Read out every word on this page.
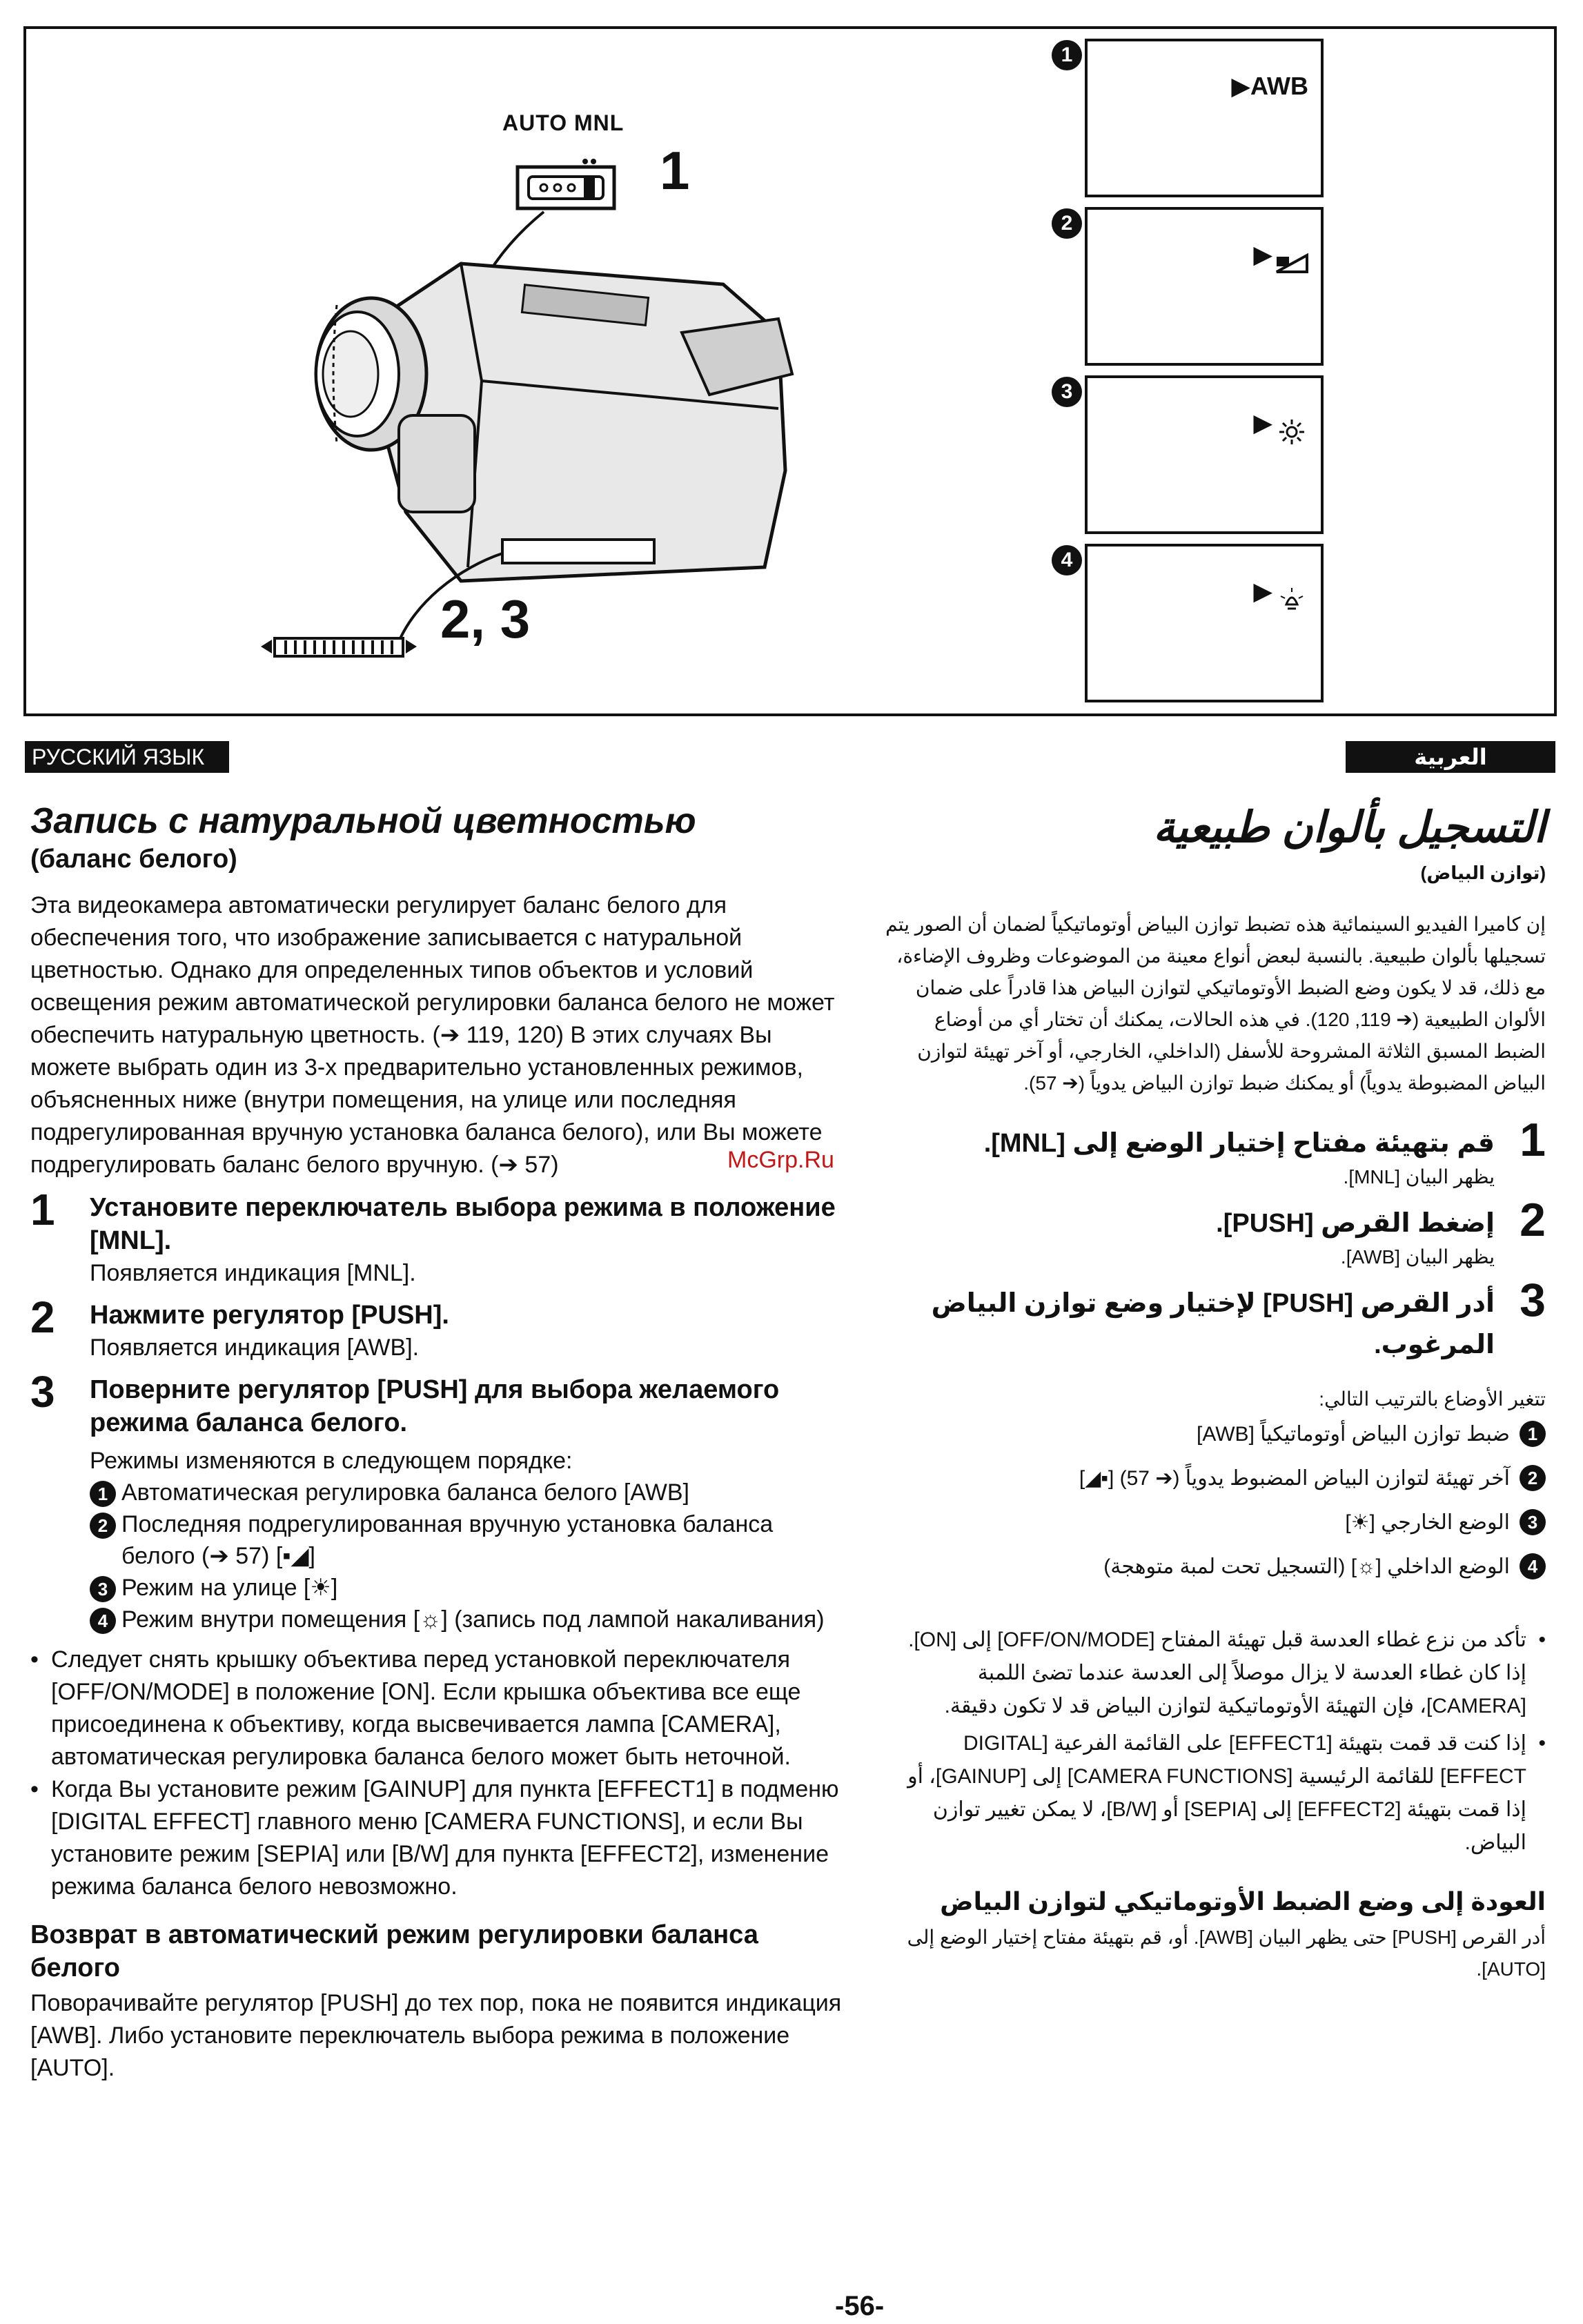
AUTO MNL
1
2, 3
1
▶AWB
2
▶
3
▶
4
▶
РУССКИЙ ЯЗЫК	العربية
Запись с натуральной цветностью
(баланс белого)

Эта видеокамера автоматически регулирует баланс белого для обеспечения того, что изображение записывается с натуральной цветностью. Однако для определенных типов объектов и условий освещения режим автоматической регулировки баланса белого не может обеспечить натуральную цветность. (➔ 119, 120) В этих случаях Вы можете выбрать один из 3-х предварительно установленных режимов, объясненных ниже (внутри помещения, на улице или последняя подрегулированная вручную установка баланса белого), или Вы можете подрегулировать баланс белого вручную. (➔ 57)

1 Установите переключатель выбора режима в положение [MNL].
Появляется индикация [MNL].
2 Нажмите регулятор [PUSH].
Появляется индикация [AWB].
3 Поверните регулятор [PUSH] для выбора желаемого режима баланса белого.
Режимы изменяются в следующем порядке:
1 Автоматическая регулировка баланса белого [AWB]
2 Последняя подрегулированная вручную установка баланса белого (➔ 57) [▪◢]
3 Режим на улице [☀]
4 Режим внутри помещения [☼] (запись под лампой накаливания)
• Следует снять крышку объектива перед установкой переключателя [OFF/ON/MODE] в положение [ON]. Если крышка объектива все еще присоединена к объективу, когда высвечивается лампа [CAMERA], автоматическая регулировка баланса белого может быть неточной.
• Когда Вы установите режим [GAINUP] для пункта [EFFECT1] в подменю [DIGITAL EFFECT] главного меню [CAMERA FUNCTIONS], и если Вы установите режим [SEPIA] или [B/W] для пункта [EFFECT2], изменение режима баланса белого невозможно.
Возврат в автоматический режим регулировки баланса белого

Поворачивайте регулятор [PUSH] до тех пор, пока не появится индикация [AWB]. Либо установите переключатель выбора режима в положение [AUTO].

التسجيل بألوان طبيعية
(توازن البياض)

إن كاميرا الفيديو السينمائية هذه تضبط توازن البياض أوتوماتيكياً لضمان أن الصور يتم تسجيلها بألوان طبيعية. بالنسبة لبعض أنواع معينة من الموضوعات وظروف الإضاءة، مع ذلك، قد لا يكون وضع الضبط الأوتوماتيكي لتوازن البياض هذا قادراً على ضمان الألوان الطبيعية (➔ 119, 120). في هذه الحالات، يمكنك أن تختار أي من أوضاع الضبط المسبق الثلاثة المشروحة للأسفل (الداخلي، الخارجي، أو آخر تهيئة لتوازن البياض المضبوطة يدوياً) أو يمكنك ضبط توازن البياض يدوياً (➔ 57).

1
قم بتهيئة مفتاح إختيار الوضع إلى [MNL].
يظهر البيان [MNL].
2
إضغط القرص [PUSH].
يظهر البيان [AWB].
3
أدر القرص [PUSH] لإختيار وضع توازن البياض المرغوب.
تتغير الأوضاع بالترتيب التالي:
1
ضبط توازن البياض أوتوماتيكياً [AWB]
2
آخر تهيئة لتوازن البياض المضبوط يدوياً (➔ 57) [▪◢]
3
الوضع الخارجي [☀]
4
الوضع الداخلي [☼] (التسجيل تحت لمبة متوهجة)
• تأكد من نزع غطاء العدسة قبل تهيئة المفتاح [OFF/ON/MODE] إلى [ON]. إذا كان غطاء العدسة لا يزال موصلاً إلى العدسة عندما تضئ اللمبة [CAMERA]، فإن التهيئة الأوتوماتيكية لتوازن البياض قد لا تكون دقيقة.
• إذا كنت قد قمت بتهيئة [EFFECT1] على القائمة الفرعية [DIGITAL EFFECT] للقائمة الرئيسية [CAMERA FUNCTIONS] إلى [GAINUP]، أو إذا قمت بتهيئة [EFFECT2] إلى [SEPIA] أو [B/W]، لا يمكن تغيير توازن البياض.
العودة إلى وضع الضبط الأوتوماتيكي لتوازن البياض

أدر القرص [PUSH] حتى يظهر البيان [AWB]. أو، قم بتهيئة مفتاح إختيار الوضع إلى [AUTO].

McGrp.Ru
-56-
